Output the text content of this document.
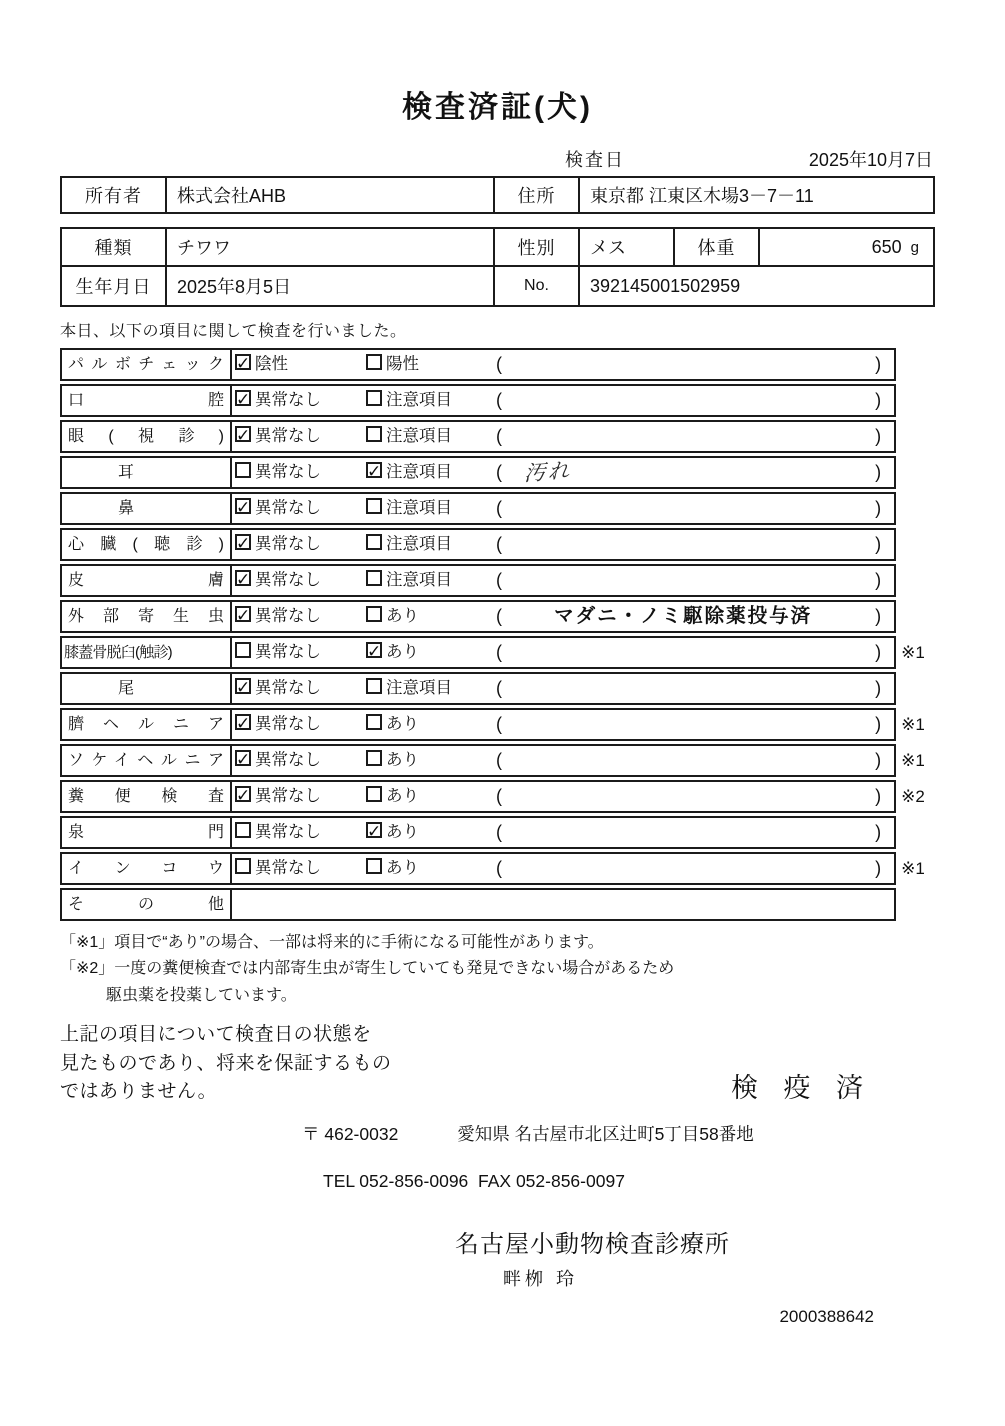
検査済証(犬)
検査日	2025年10月7日
所有者	株式会社AHB	住所	東京都 江東区木場3－7－11
種類	チワワ	性別	メス	体重	650 g
生年月日	2025年8月5日	No.	392145001502959
本日、以下の項目に関して検査を行いました。
パルボチェック ✓	陰性	陽性	(	)
口腔 ✓	異常なし	注意項目 (	)
眼(視診) ✓	異常なし	注意項目 (	)
耳	異常なし ✓	注意項目 ( 汚れ	)
鼻 ✓	異常なし	注意項目 (	)
心臓(聴診) ✓	異常なし	注意項目 (	)
皮膚 ✓	異常なし	注意項目 (	)
外部寄生虫 ✓	異常なし	あり	(	マダニ・ノミ駆除薬投与済	)
膝蓋骨脱臼(触診)	異常なし ✓	あり	(	) ※1
尾 ✓	異常なし	注意項目 (	)
臍ヘルニア ✓	異常なし	あり	(	) ※1
ソケイヘルニア ✓	異常なし	あり	(	) ※1
糞便検査 ✓	異常なし	あり	(	) ※2
泉門	異常なし ✓	あり	(	)
インコウ	異常なし	あり	(	) ※1
その他
「※1」項目で“あり”の場合、一部は将来的に手術になる可能性があります。
「※2」一度の糞便検査では内部寄生虫が寄生していても発見できない場合があるため
駆虫薬を投薬しています。
上記の項目について検査日の状態を
見たものであり、将来を保証するもの
ではありません。	検 疫 済
〒 462-0032	愛知県 名古屋市北区辻町5丁目58番地
TEL 052-856-0096  FAX 052-856-0097
名古屋小動物検査診療所
畔栁 玲
2000388642
